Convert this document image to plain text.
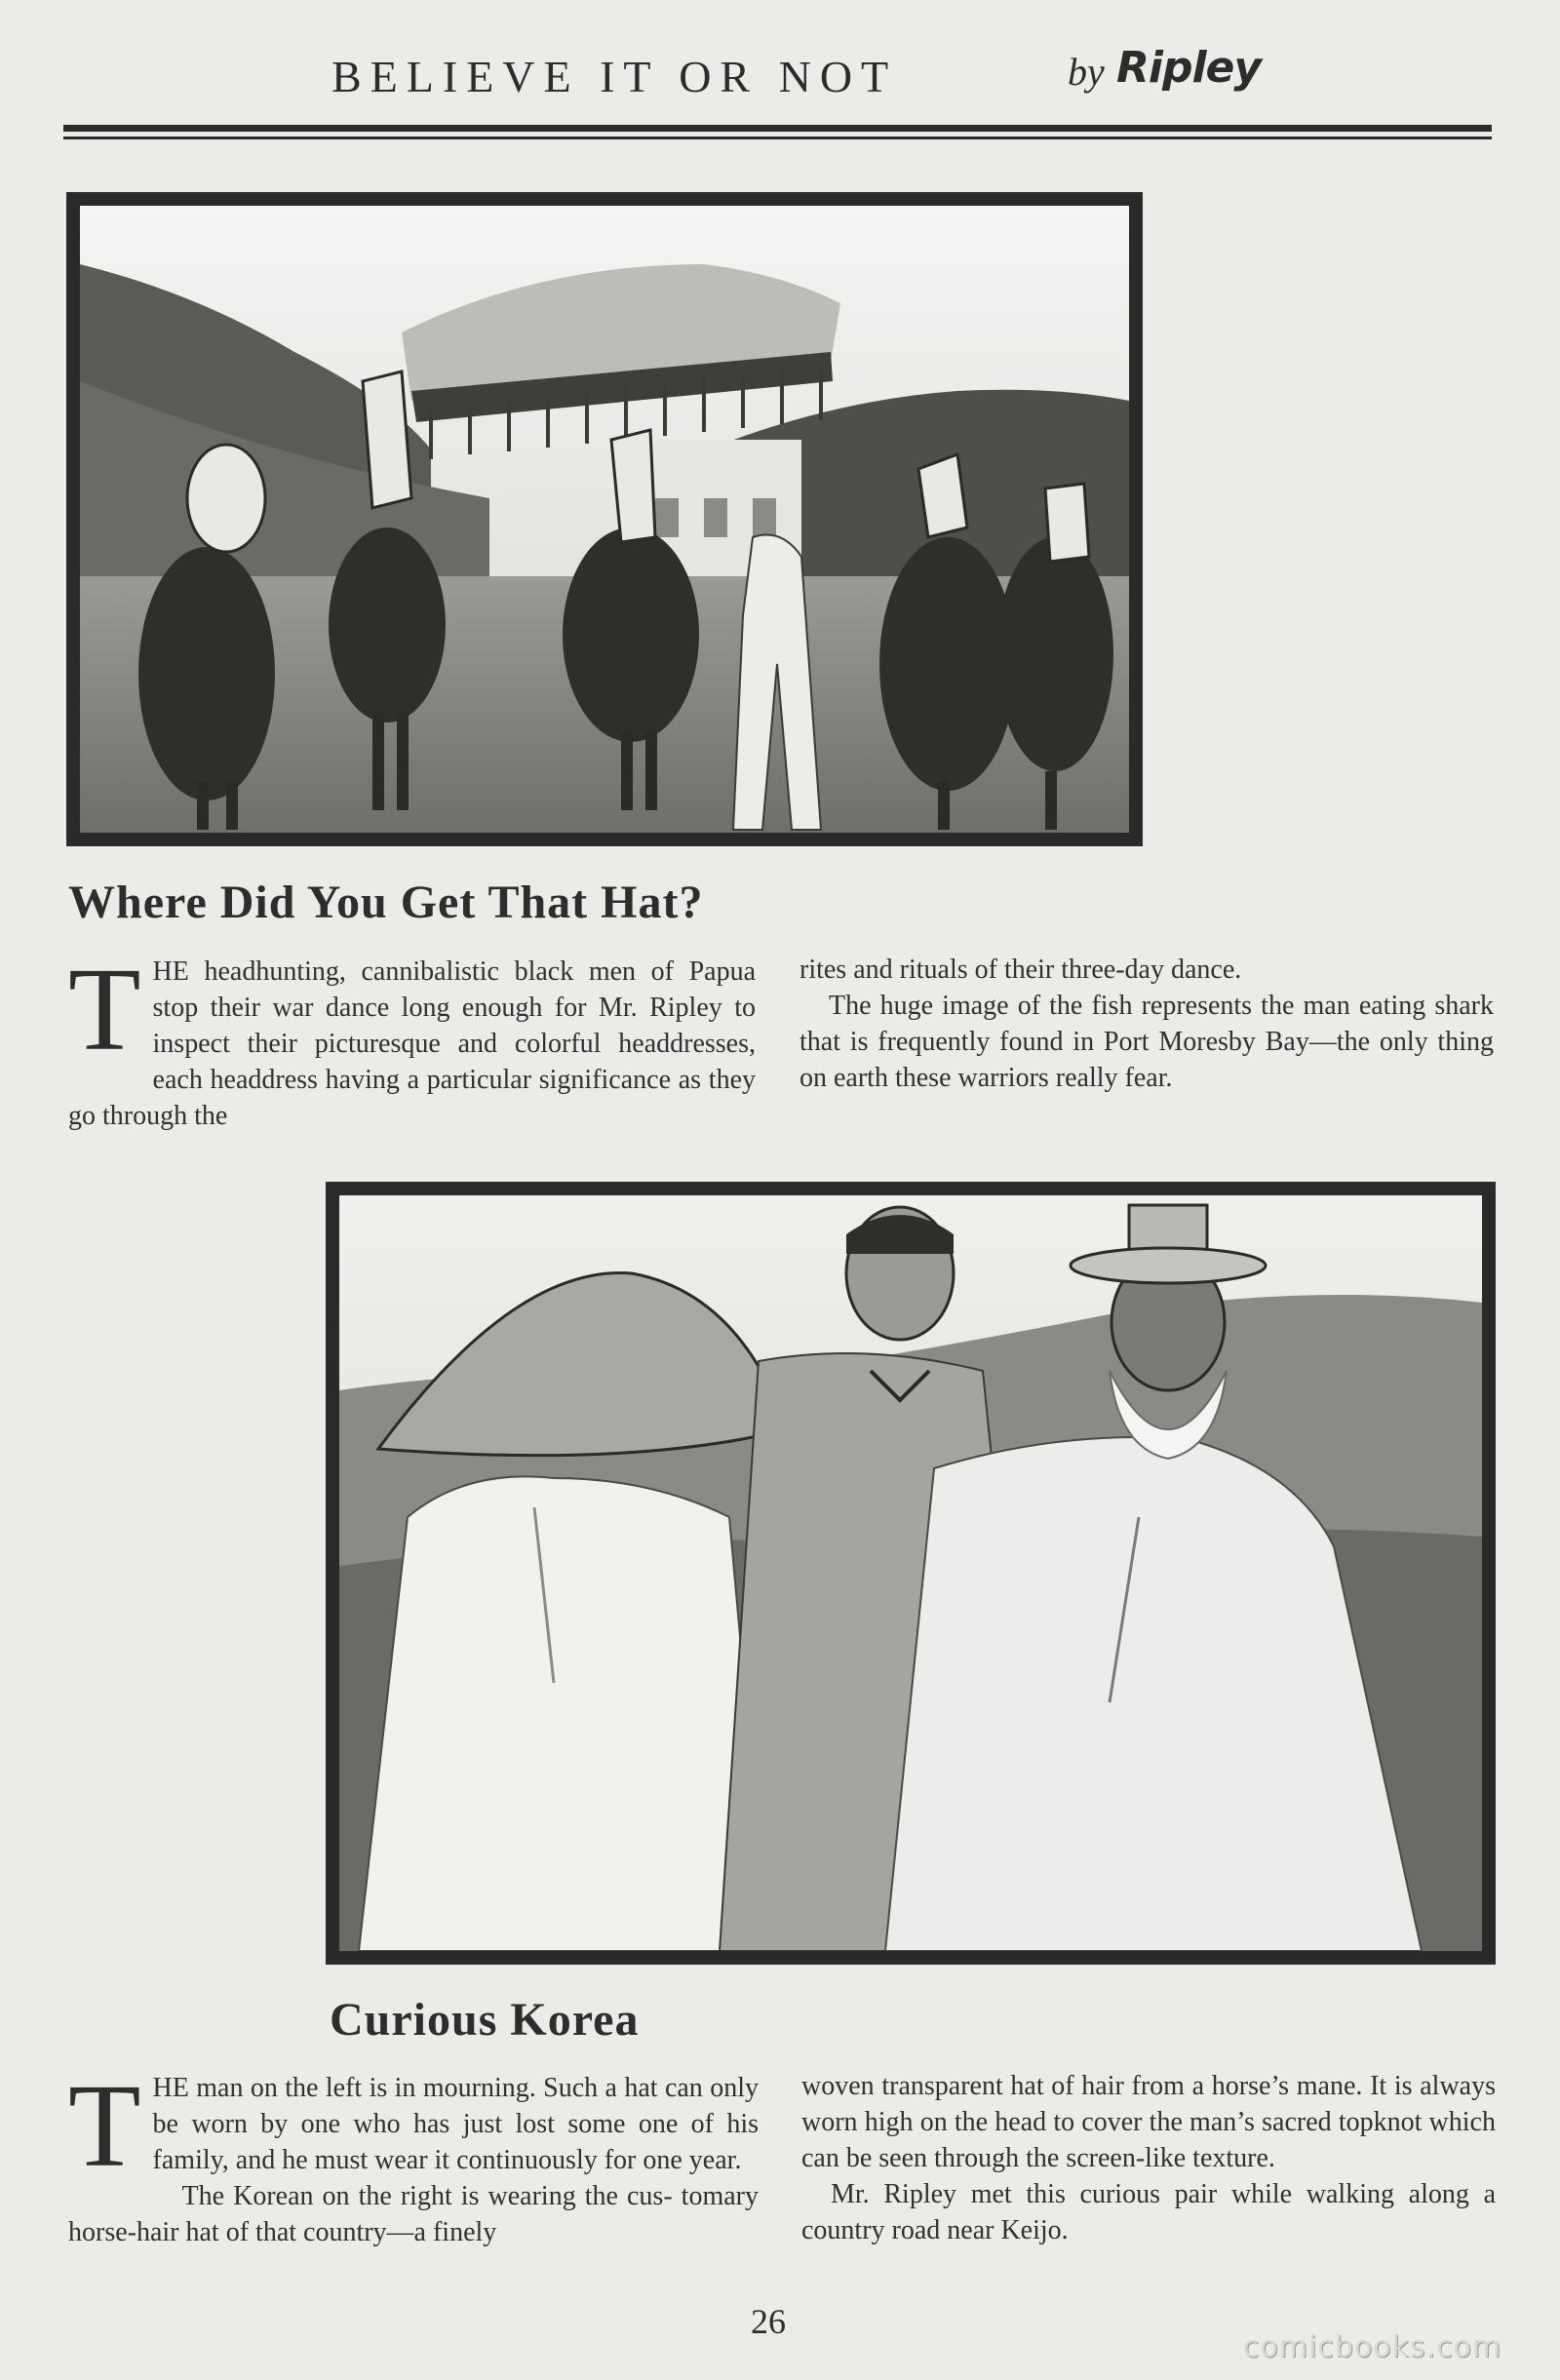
BELIEVE IT OR NOT	by Ripley
Where Did You Get That Hat?

THE headhunting, cannibalistic black men of Papua stop their war dance long enough for Mr. Ripley to inspect their picturesque and colorful headdresses, each headdress having a particular significance as they go through the

rites and rituals of their three-day dance.

The huge image of the fish represents the man eating shark that is frequently found in Port Moresby Bay—the only thing on earth these warriors really fear.

Curious Korea

THE man on the left is in mourning. Such a hat can only be worn by one who has just lost some one of his family, and he must wear it continuously for one year.

The Korean on the right is wearing the cus- tomary horse-hair hat of that country—a finely

woven transparent hat of hair from a horse’s mane. It is always worn high on the head to cover the man’s sacred topknot which can be seen through the screen-like texture.

Mr. Ripley met this curious pair while walking along a country road near Keijo.

26
comicbooks.com
